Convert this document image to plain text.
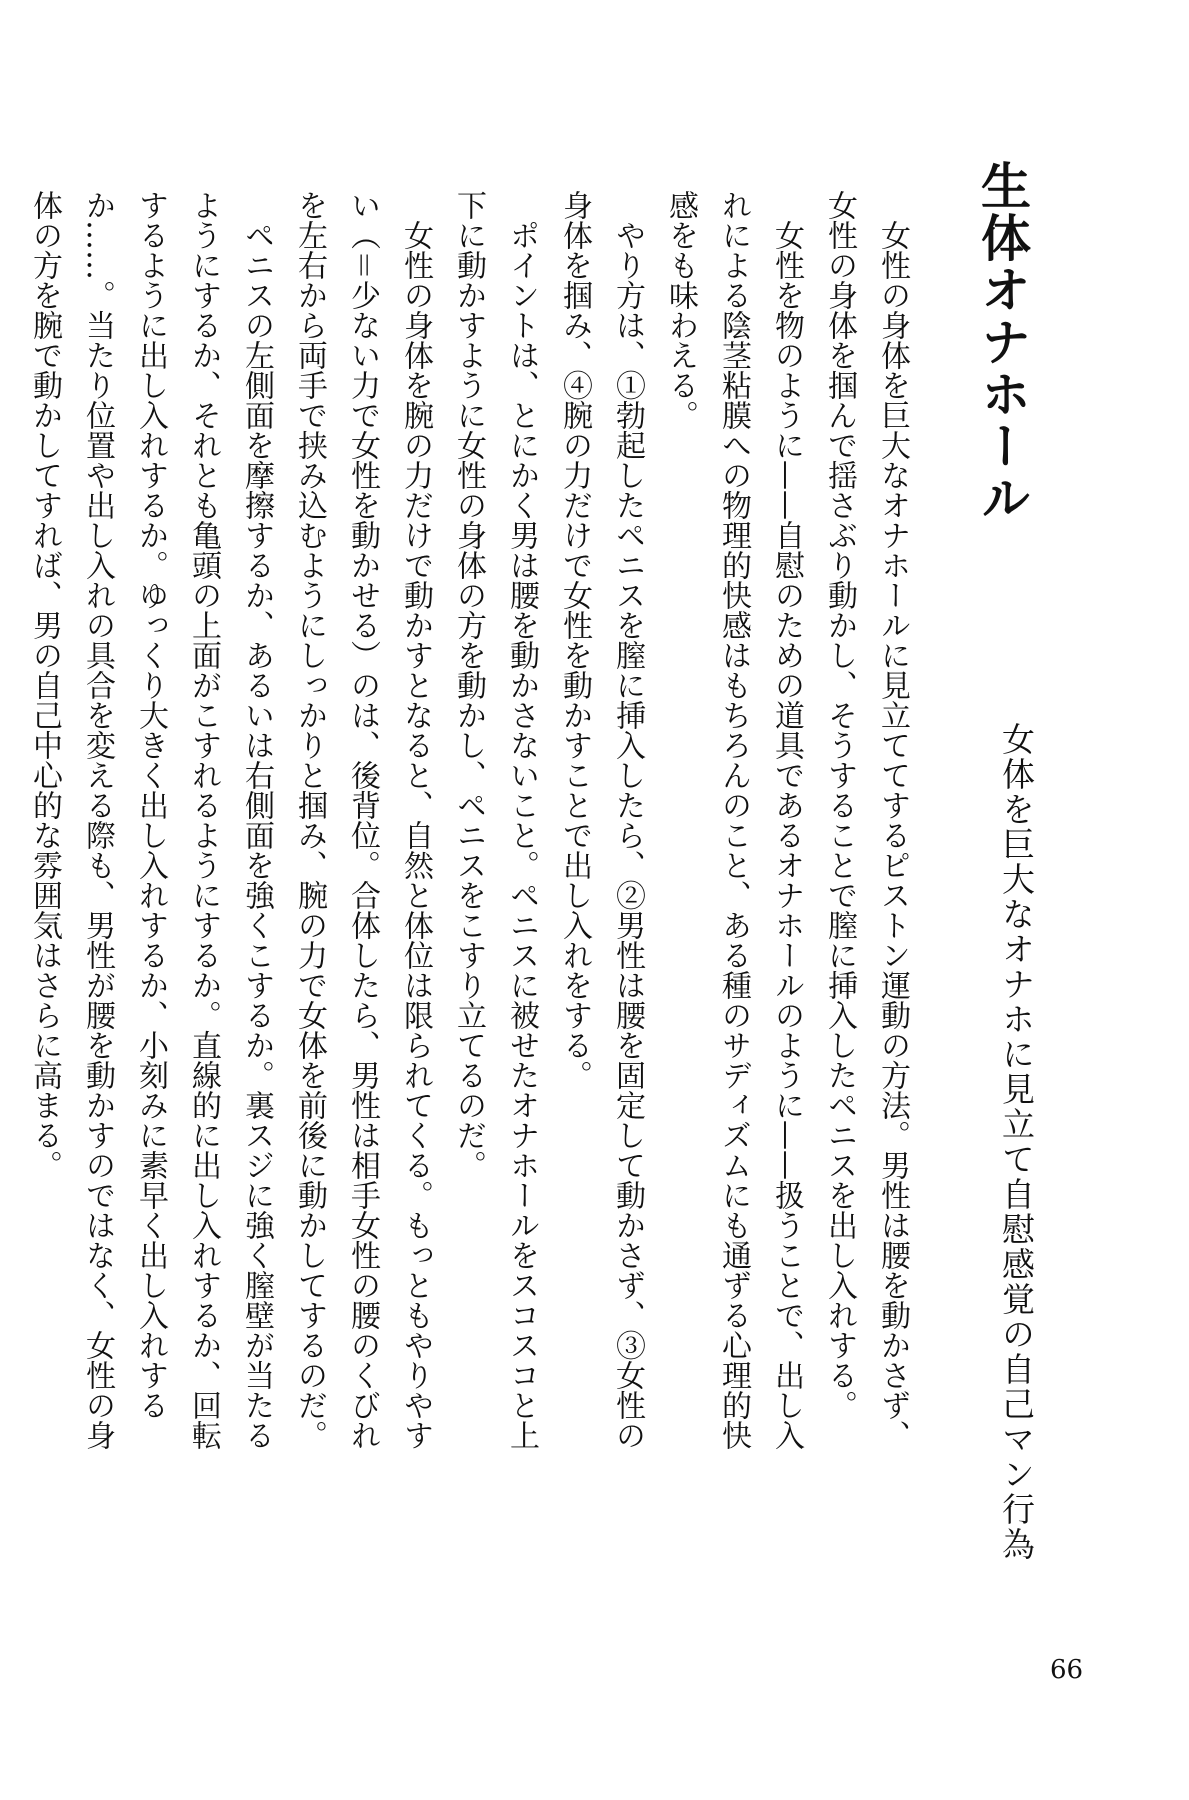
生体オナホール
女体を巨大なオナホに見立て自慰感覚の自己マン行為

女性の身体を巨大なオナホールに見立ててするピストン運動の方法。男性は腰を動かさず、女性の身体を掴んで揺さぶり動かし、そうすることで膣に挿入したペニスを出し入れする。

女性を物のように——自慰のための道具であるオナホールのように——扱うことで、出し入れによる陰茎粘膜への物理的快感はもちろんのこと、ある種のサディズムにも通ずる心理的快感をも味わえる。

やり方は、①勃起したペニスを膣に挿入したら、②男性は腰を固定して動かさず、③女性の身体を掴み、④腕の力だけで女性を動かすことで出し入れをする。

ポイントは、とにかく男は腰を動かさないこと。ペニスに被せたオナホールをスコスコと上下に動かすように女性の身体の方を動かし、ペニスをこすり立てるのだ。

女性の身体を腕の力だけで動かすとなると、自然と体位は限られてくる。もっともやりやすい（＝少ない力で女性を動かせる）のは、後背位。合体したら、男性は相手女性の腰のくびれを左右から両手で挟み込むようにしっかりと掴み、腕の力で女体を前後に動かしてするのだ。

ペニスの左側面を摩擦するか、あるいは右側面を強くこするか。裏スジに強く膣壁が当たるようにするか、それとも亀頭の上面がこすれるようにするか。直線的に出し入れするか、回転するように出し入れするか。ゆっくり大きく出し入れするか、小刻みに素早く出し入れするか……。当たり位置や出し入れの具合を変える際も、男性が腰を動かすのではなく、女性の身体の方を腕で動かしてすれば、男の自己中心的な雰囲気はさらに高まる。

66
